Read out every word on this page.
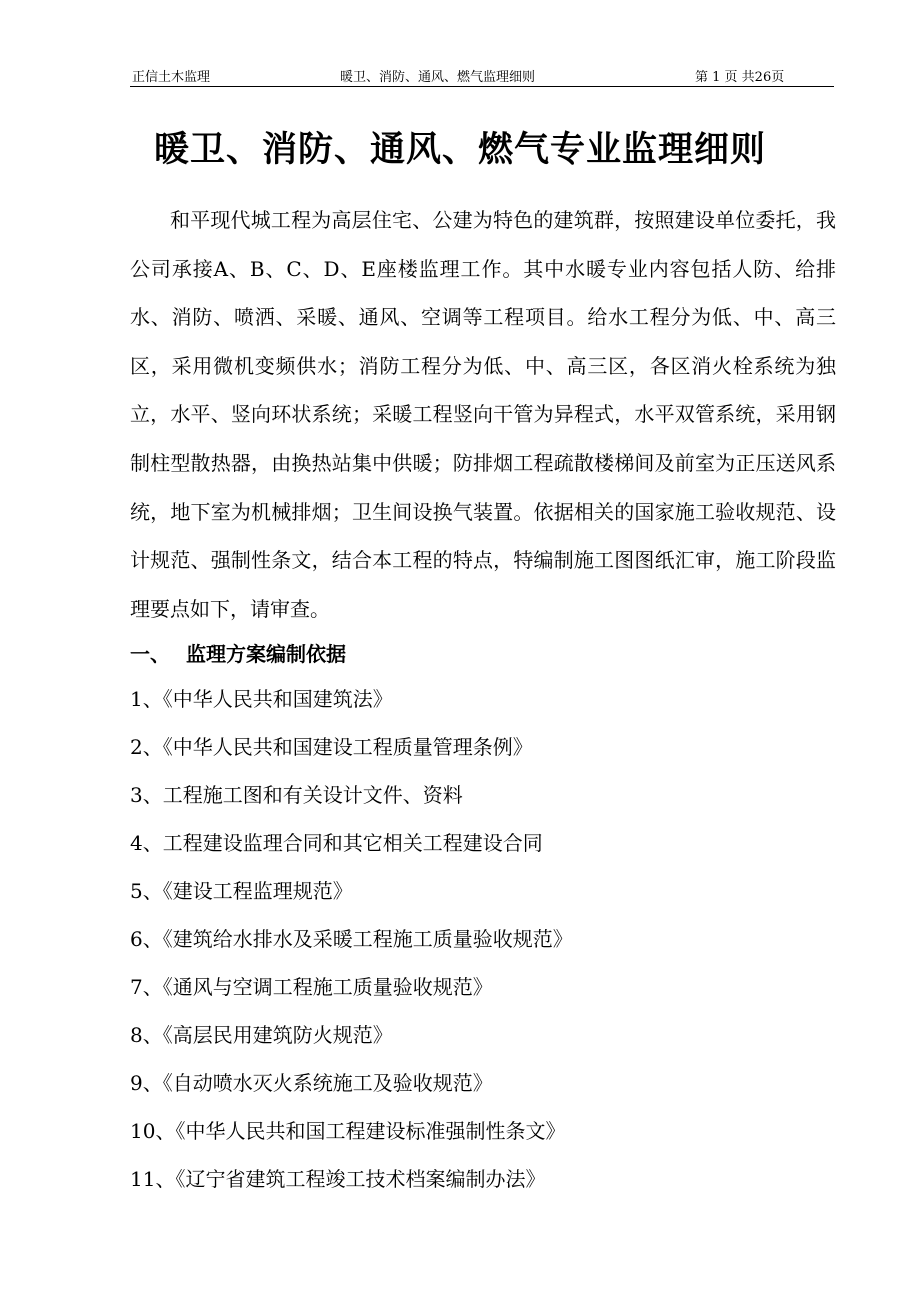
正信土木监理	暖卫、消防、通风、燃气监理细则	第 1 页 共26页
暖卫、消防、通风、燃气专业监理细则

和平现代城工程为高层住宅、公建为特色的建筑群，按照建设单位委托，我公司承接A、B、C、D、E座楼监理工作。其中水暖专业内容包括人防、给排水、消防、喷洒、采暖、通风、空调等工程项目。给水工程分为低、中、高三区，采用微机变频供水；消防工程分为低、中、高三区，各区消火栓系统为独立，水平、竖向环状系统；采暖工程竖向干管为异程式，水平双管系统，采用钢制柱型散热器，由换热站集中供暖；防排烟工程疏散楼梯间及前室为正压送风系统，地下室为机械排烟；卫生间设换气装置。依据相关的国家施工验收规范、设计规范、强制性条文，结合本工程的特点，特编制施工图图纸汇审，施工阶段监理要点如下，请审查。

一、 监理方案编制依据
1、《中华人民共和国建筑法》
2、《中华人民共和国建设工程质量管理条例》
3、工程施工图和有关设计文件、资料
4、工程建设监理合同和其它相关工程建设合同
5、《建设工程监理规范》
6、《建筑给水排水及采暖工程施工质量验收规范》
7、《通风与空调工程施工质量验收规范》
8、《高层民用建筑防火规范》
9、《自动喷水灭火系统施工及验收规范》
10、《中华人民共和国工程建设标准强制性条文》
11、《辽宁省建筑工程竣工技术档案编制办法》
